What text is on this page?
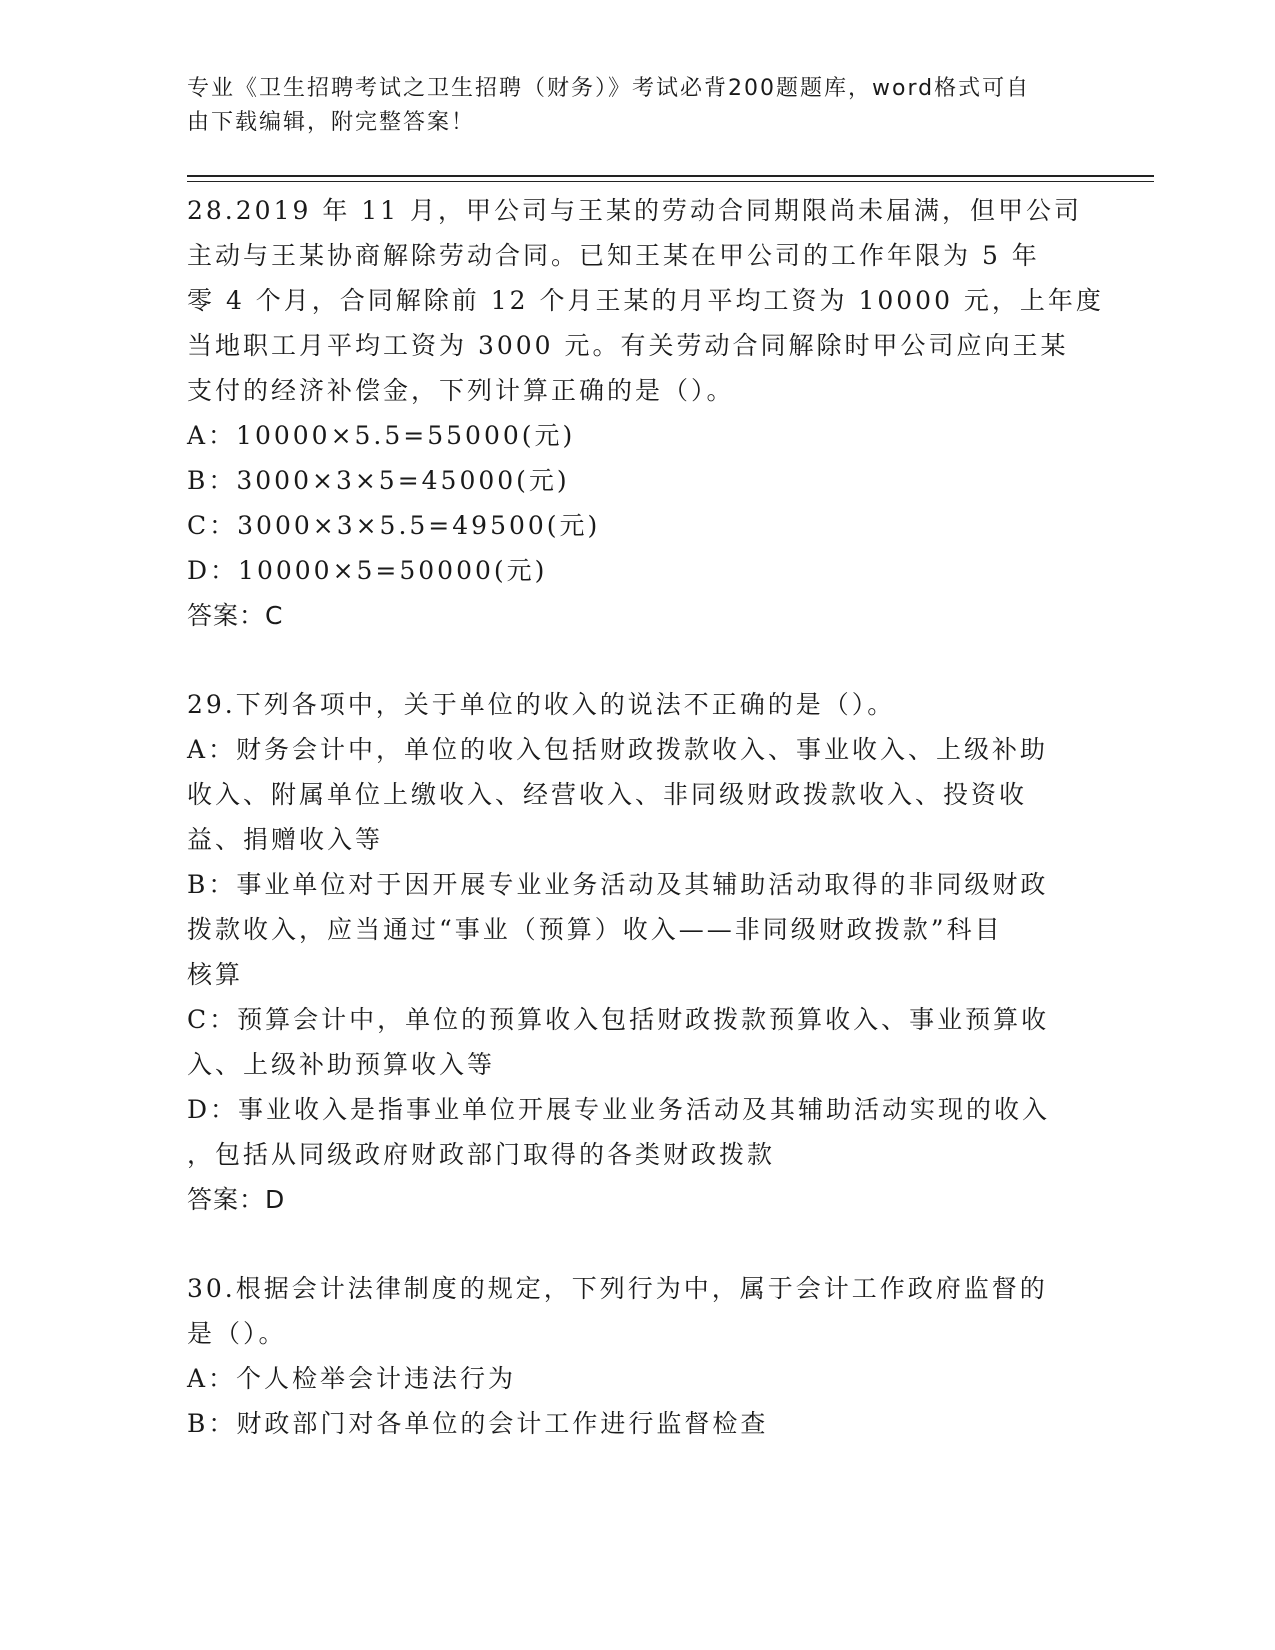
专业《卫生招聘考试之卫生招聘（财务）》考试必背200题题库，word格式可自
由下载编辑，附完整答案！
28.2019 年 11 月，甲公司与王某的劳动合同期限尚未届满，但甲公司
主动与王某协商解除劳动合同。已知王某在甲公司的工作年限为 5 年
零 4 个月，合同解除前 12 个月王某的月平均工资为 10000 元，上年度
当地职工月平均工资为 3000 元。有关劳动合同解除时甲公司应向王某
支付的经济补偿金，下列计算正确的是（）。
A：10000×5.5=55000(元)
B：3000×3×5=45000(元)
C：3000×3×5.5=49500(元)
D：10000×5=50000(元)
答案：C
29.下列各项中，关于单位的收入的说法不正确的是（）。
A：财务会计中，单位的收入包括财政拨款收入、事业收入、上级补助
收入、附属单位上缴收入、经营收入、非同级财政拨款收入、投资收
益、捐赠收入等
B：事业单位对于因开展专业业务活动及其辅助活动取得的非同级财政
拨款收入，应当通过“事业（预算）收入——非同级财政拨款”科目
核算
C：预算会计中，单位的预算收入包括财政拨款预算收入、事业预算收
入、上级补助预算收入等
D：事业收入是指事业单位开展专业业务活动及其辅助活动实现的收入
，包括从同级政府财政部门取得的各类财政拨款
答案：D
30.根据会计法律制度的规定，下列行为中，属于会计工作政府监督的
是（）。
A：个人检举会计违法行为
B：财政部门对各单位的会计工作进行监督检查
